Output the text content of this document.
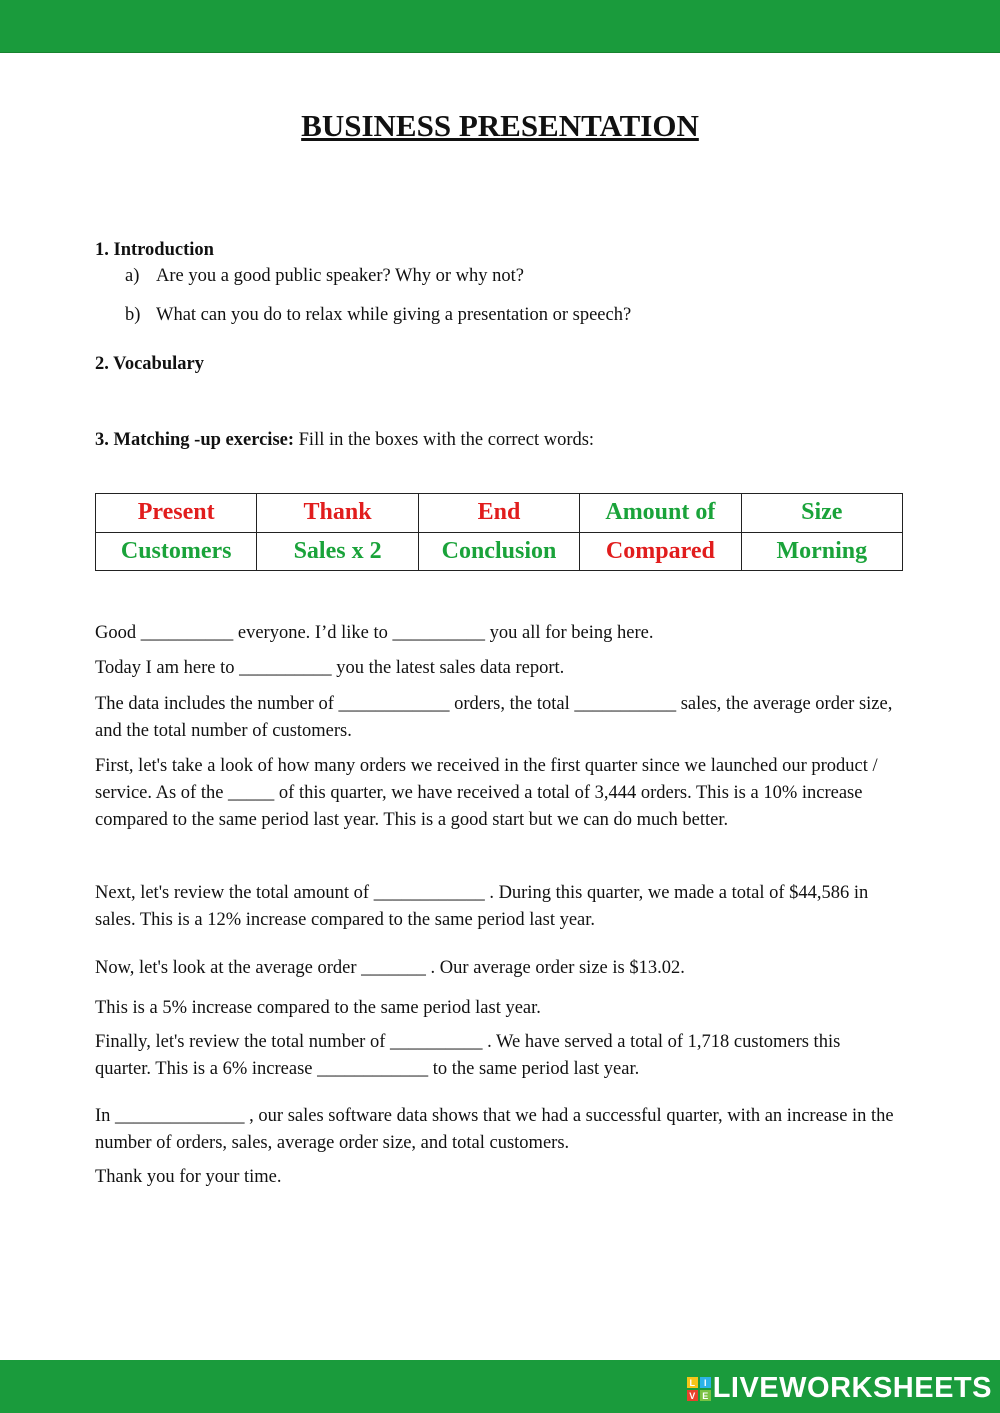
BUSINESS PRESENTATION
1. Introduction
a) Are you a good public speaker? Why or why not?
b) What can you do to relax while giving a presentation or speech?
2. Vocabulary
3. Matching -up exercise: Fill in the boxes with the correct words:
Present	Thank	End	Amount of	Size
Customers	Sales x 2	Conclusion	Compared	Morning

Good __________ everyone. I’d like to __________ you all for being here.

Today I am here to __________ you the latest sales data report.

The data includes the number of ____________ orders, the total ___________ sales, the average order size, and the total number of customers.

First, let's take a look of how many orders we received in the first quarter since we launched our product / service. As of the _____ of this quarter, we have received a total of 3,444 orders. This is a 10% increase compared to the same period last year. This is a good start but we can do much better.

Next, let's review the total amount of ____________ . During this quarter, we made a total of $44,586 in sales. This is a 12% increase compared to the same period last year.

Now, let's look at the average order _______ . Our average order size is $13.02.

This is a 5% increase compared to the same period last year.

Finally, let's review the total number of __________ . We have served a total of 1,718 customers this quarter. This is a 6% increase ____________ to the same period last year.

In ______________ , our sales software data shows that we had a successful quarter, with an increase in the number of orders, sales, average order size, and total customers.

Thank you for your time.

L I
V E LIVEWORKSHEETS
